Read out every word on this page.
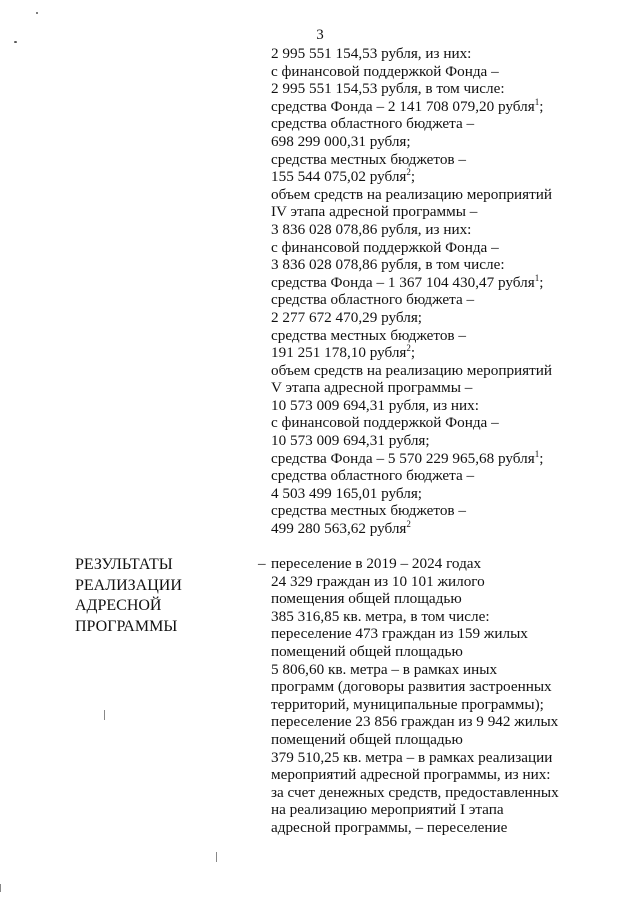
3
2 995 551 154,53 рубля, из них:
с финансовой поддержкой Фонда –
2 995 551 154,53 рубля, в том числе:
средства Фонда – 2 141 708 079,20 рубля$^1$;
средства областного бюджета –
698 299 000,31 рубля;
средства местных бюджетов –
155 544 075,02 рубля$^2$;
объем средств на реализацию мероприятий
IV этапа адресной программы –
3 836 028 078,86 рубля, из них:
с финансовой поддержкой Фонда –
3 836 028 078,86 рубля, в том числе:
средства Фонда – 1 367 104 430,47 рубля$^1$;
средства областного бюджета –
2 277 672 470,29 рубля;
средства местных бюджетов –
191 251 178,10 рубля$^2$;
объем средств на реализацию мероприятий
V этапа адресной программы –
10 573 009 694,31 рубля, из них:
с финансовой поддержкой Фонда –
10 573 009 694,31 рубля;
средства Фонда – 5 570 229 965,68 рубля$^1$;
средства областного бюджета –
4 503 499 165,01 рубля;
средства местных бюджетов –
499 280 563,62 рубля$^2$
РЕЗУЛЬТАТЫ
РЕАЛИЗАЦИИ
АДРЕСНОЙ
ПРОГРАММЫ
– переселение в 2019 – 2024 годах
24 329 граждан из 10 101 жилого
помещения общей площадью
385 316,85 кв. метра, в том числе:
переселение 473 граждан из 159 жилых
помещений общей площадью
5 806,60 кв. метра – в рамках иных
программ (договоры развития застроенных
территорий, муниципальные программы);
переселение 23 856 граждан из 9 942 жилых
помещений общей площадью
379 510,25 кв. метра – в рамках реализации
мероприятий адресной программы, из них:
за счет денежных средств, предоставленных
на реализацию мероприятий I этапа
адресной программы, – переселение
